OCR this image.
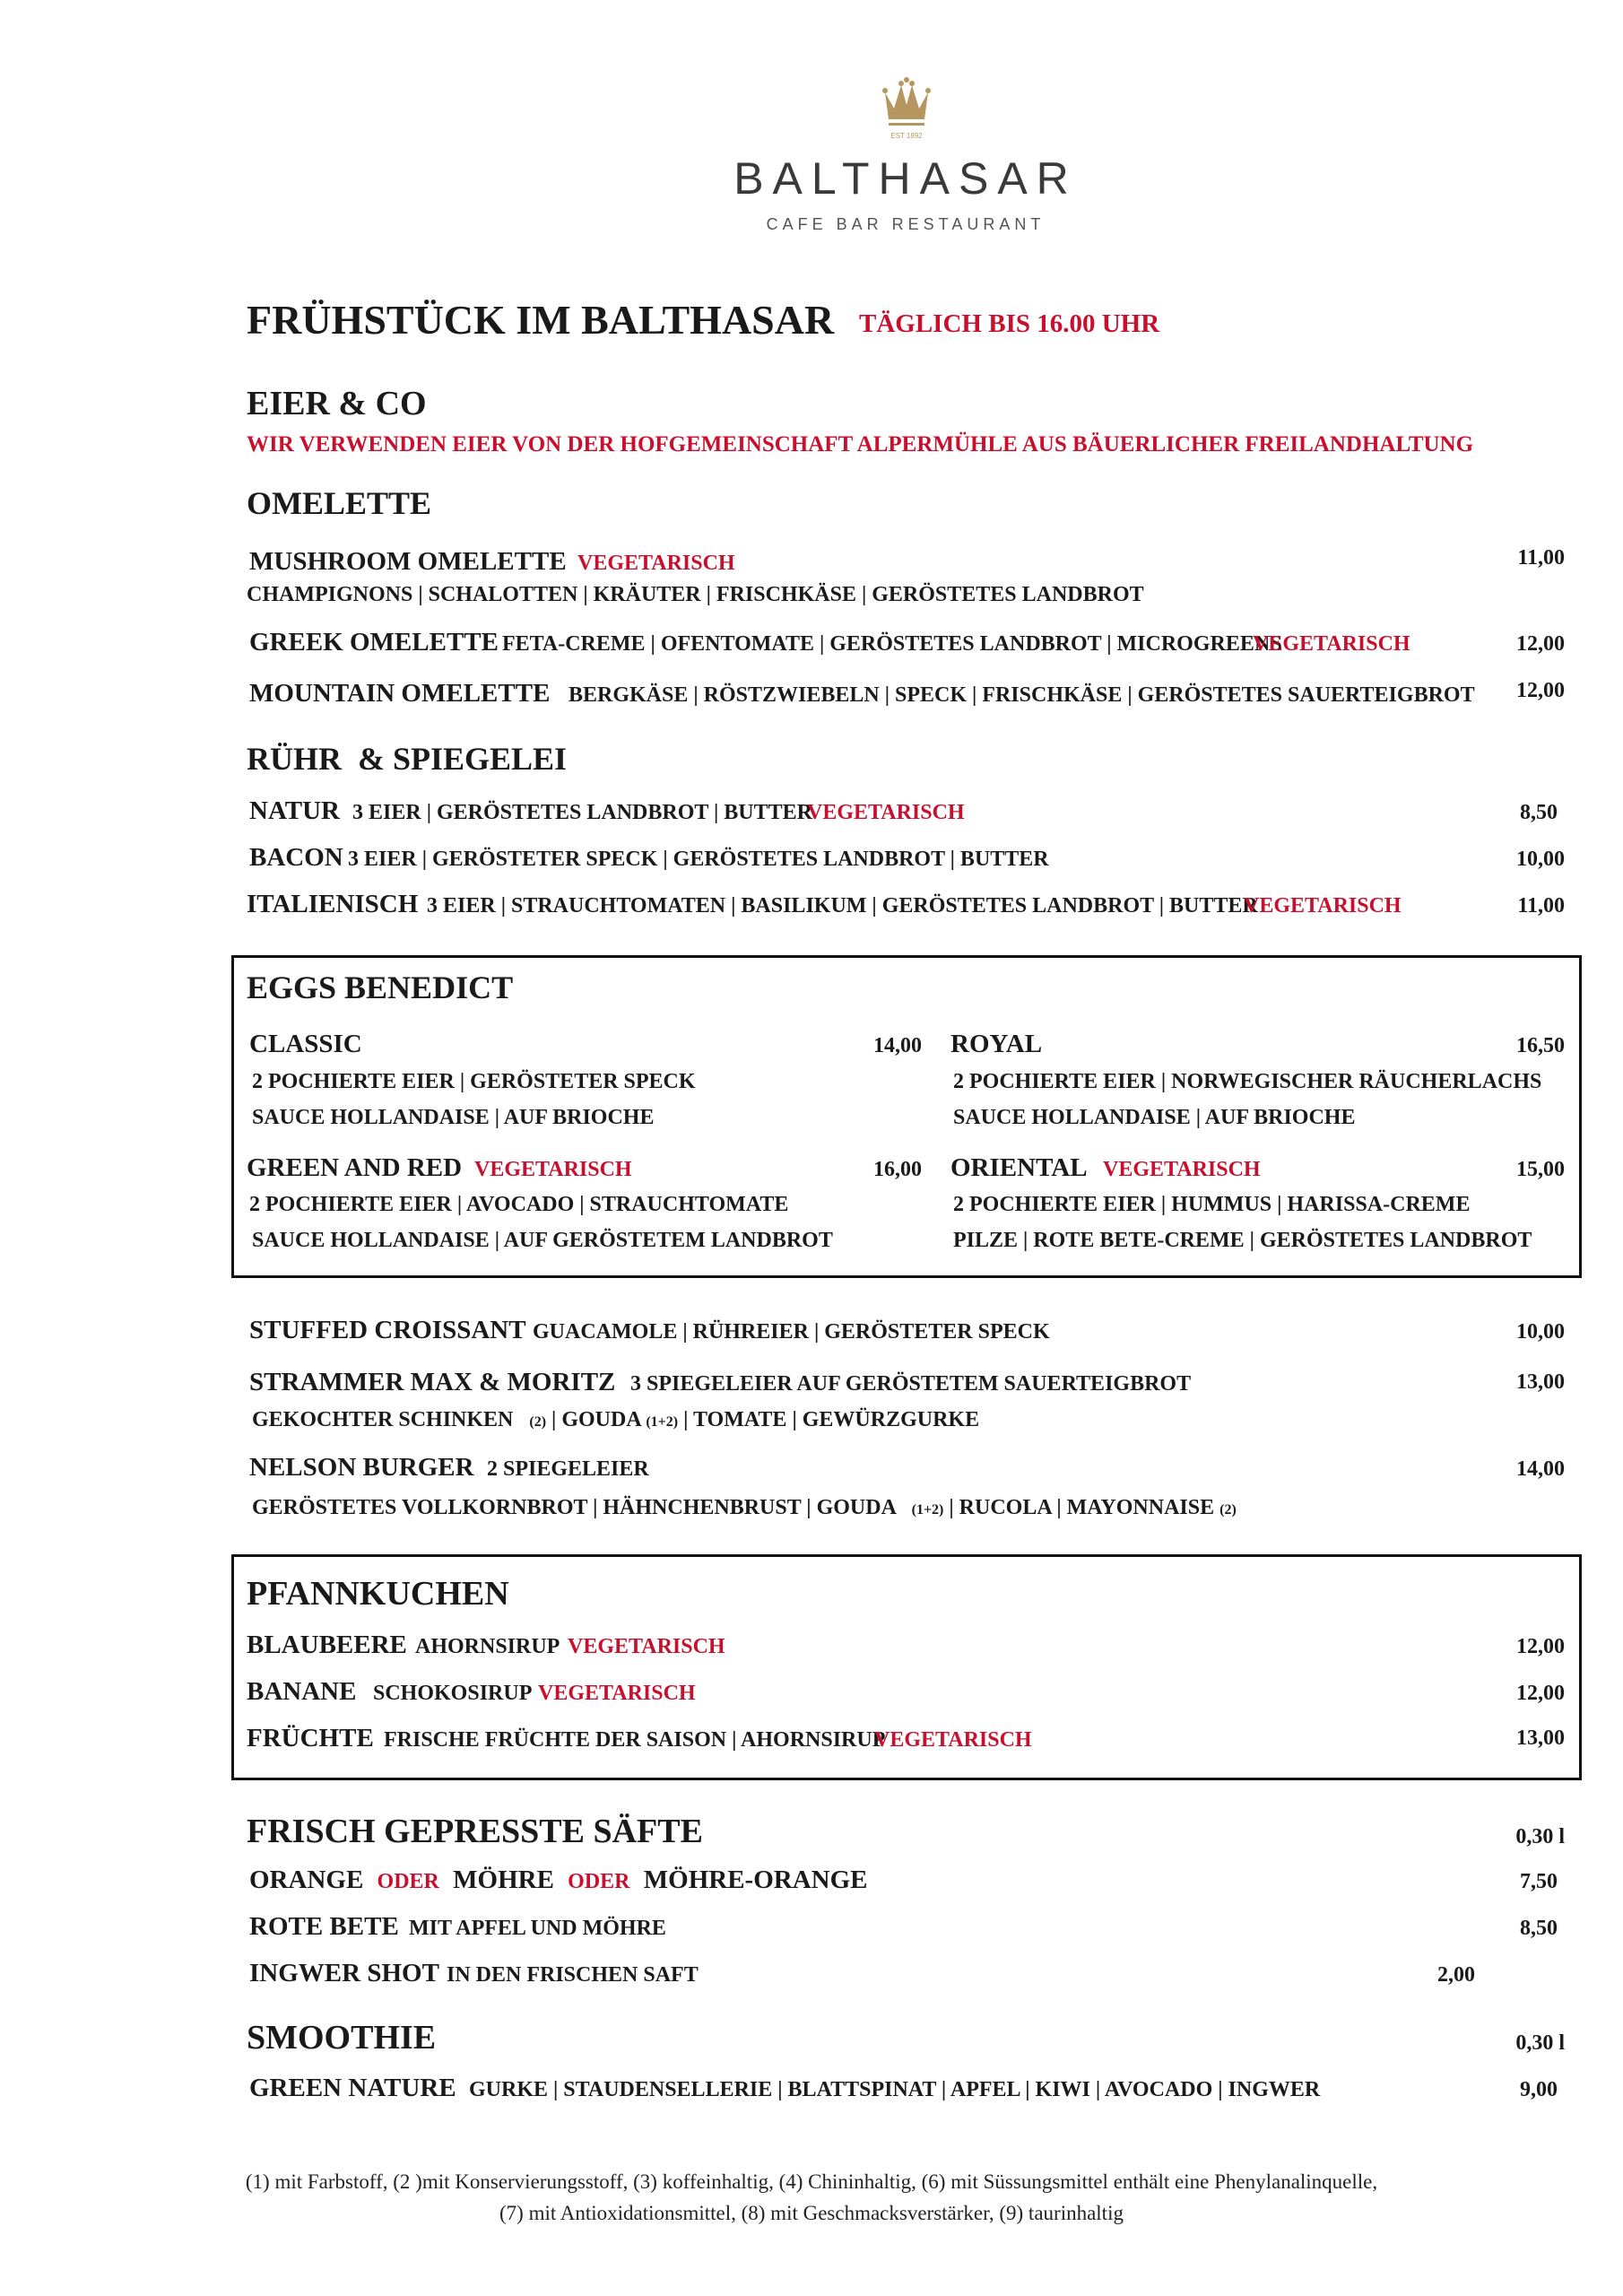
EST 1892
BALTHASAR
CAFE BAR RESTAURANT
FRÜHSTÜCK IM BALTHASAR TÄGLICH BIS 16.00 UHR
EIER & CO
WIR VERWENDEN EIER VON DER HOFGEMEINSCHAFT ALPERMÜHLE AUS BÄUERLICHER FREILANDHALTUNG
OMELETTE
MUSHROOM OMELETTE VEGETARISCH	11,00
CHAMPIGNONS | SCHALOTTEN | KRÄUTER | FRISCHKÄSE | GERÖSTETES LANDBROT
GREEK OMELETTE FETA-CREME | OFENTOMATE | GERÖSTETES LANDBROT | MICROGREENS
VEGETARISCH	12,00
MOUNTAIN OMELETTE BERGKÄSE | RÖSTZWIEBELN | SPECK | FRISCHKÄSE | GERÖSTETES SAUERTEIGBROT	12,00
RÜHR  & SPIEGELEI
NATUR 3 EIER | GERÖSTETES LANDBROT | BUTTER
VEGETARISCH	8,50
BACON 3 EIER | GERÖSTETER SPECK | GERÖSTETES LANDBROT | BUTTER	10,00
ITALIENISCH 3 EIER | STRAUCHTOMATEN | BASILIKUM | GERÖSTETES LANDBROT | BUTTER
VEGETARISCH	11,00
EGGS BENEDICT
CLASSIC	14,00
2 POCHIERTE EIER | GERÖSTETER SPECK
SAUCE HOLLANDAISE | AUF BRIOCHE
ROYAL	16,50
2 POCHIERTE EIER | NORWEGISCHER RÄUCHERLACHS
SAUCE HOLLANDAISE | AUF BRIOCHE
GREEN AND RED VEGETARISCH	16,00
2 POCHIERTE EIER | AVOCADO | STRAUCHTOMATE
SAUCE HOLLANDAISE | AUF GERÖSTETEM LANDBROT
ORIENTAL VEGETARISCH	15,00
2 POCHIERTE EIER | HUMMUS | HARISSA-CREME
PILZE | ROTE BETE-CREME | GERÖSTETES LANDBROT
STUFFED CROISSANT GUACAMOLE | RÜHREIER | GERÖSTETER SPECK	10,00
STRAMMER MAX & MORITZ 3 SPIEGELEIER AUF GERÖSTETEM SAUERTEIGBROT	13,00
GEKOCHTER SCHINKEN (2) | GOUDA (1+2) | TOMATE | GEWÜRZGURKE
NELSON BURGER 2 SPIEGELEIER	14,00
GERÖSTETES VOLLKORNBROT | HÄHNCHENBRUST | GOUDA (1+2) | RUCOLA | MAYONNAISE (2)
PFANNKUCHEN
BLAUBEERE AHORNSIRUP VEGETARISCH	12,00
BANANE SCHOKOSIRUP VEGETARISCH	12,00
FRÜCHTE FRISCHE FRÜCHTE DER SAISON | AHORNSIRUP
VEGETARISCH	13,00
FRISCH GEPRESSTE SÄFTE	0,30 l
ORANGE ODER MÖHRE ODER MÖHRE-ORANGE	7,50
ROTE BETE MIT APFEL UND MÖHRE	8,50
INGWER SHOT IN DEN FRISCHEN SAFT	2,00
SMOOTHIE	0,30 l
GREEN NATURE GURKE | STAUDENSELLERIE | BLATTSPINAT | APFEL | KIWI | AVOCADO | INGWER	9,00
(1) mit Farbstoff, (2 )mit Konservierungsstoff, (3) koffeinhaltig, (4) Chininhaltig, (6) mit Süssungsmittel enthält eine Phenylanalinquelle,
(7) mit Antioxidationsmittel, (8) mit Geschmacksverstärker, (9) taurinhaltig
